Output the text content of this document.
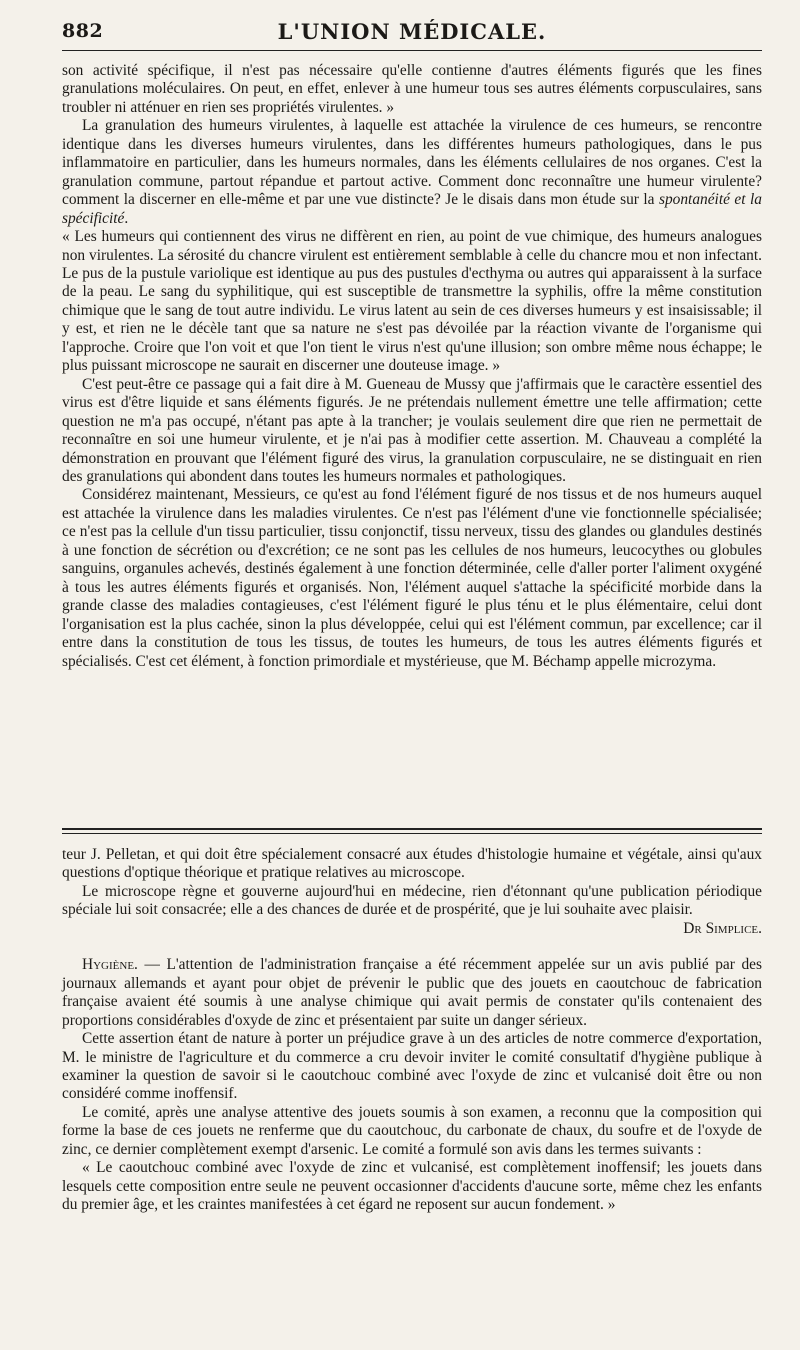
882	L'UNION MÉDICALE.

son activité spécifique, il n'est pas nécessaire qu'elle contienne d'autres éléments figurés que les fines granulations moléculaires. On peut, en effet, enlever à une humeur tous ses autres éléments corpusculaires, sans troubler ni atténuer en rien ses propriétés virulentes. »

La granulation des humeurs virulentes, à laquelle est attachée la virulence de ces humeurs, se rencontre identique dans les diverses humeurs virulentes, dans les différentes humeurs pathologiques, dans le pus inflammatoire en particulier, dans les humeurs normales, dans les éléments cellulaires de nos organes. C'est la granulation commune, partout répandue et partout active. Comment donc reconnaître une humeur virulente? comment la discerner en elle-même et par une vue distincte? Je le disais dans mon étude sur la spontanéité et la spécificité.

« Les humeurs qui contiennent des virus ne diffèrent en rien, au point de vue chimique, des humeurs analogues non virulentes. La sérosité du chancre virulent est entièrement semblable à celle du chancre mou et non infectant. Le pus de la pustule variolique est identique au pus des pustules d'ecthyma ou autres qui apparaissent à la surface de la peau. Le sang du syphilitique, qui est susceptible de transmettre la syphilis, offre la même constitution chimique que le sang de tout autre individu. Le virus latent au sein de ces diverses humeurs y est insaisissable; il y est, et rien ne le décèle tant que sa nature ne s'est pas dévoilée par la réaction vivante de l'organisme qui l'approche. Croire que l'on voit et que l'on tient le virus n'est qu'une illusion; son ombre même nous échappe; le plus puissant microscope ne saurait en discerner une douteuse image. »

C'est peut-être ce passage qui a fait dire à M. Gueneau de Mussy que j'affirmais que le caractère essentiel des virus est d'être liquide et sans éléments figurés. Je ne prétendais nullement émettre une telle affirmation; cette question ne m'a pas occupé, n'étant pas apte à la trancher; je voulais seulement dire que rien ne permettait de reconnaître en soi une humeur virulente, et je n'ai pas à modifier cette assertion. M. Chauveau a complété la démonstration en prouvant que l'élément figuré des virus, la granulation corpusculaire, ne se distinguait en rien des granulations qui abondent dans toutes les humeurs normales et pathologiques.

Considérez maintenant, Messieurs, ce qu'est au fond l'élément figuré de nos tissus et de nos humeurs auquel est attachée la virulence dans les maladies virulentes. Ce n'est pas l'élément d'une vie fonctionnelle spécialisée; ce n'est pas la cellule d'un tissu particulier, tissu conjonctif, tissu nerveux, tissu des glandes ou glandules destinés à une fonction de sécrétion ou d'excrétion; ce ne sont pas les cellules de nos humeurs, leucocythes ou globules sanguins, organules achevés, destinés également à une fonction déterminée, celle d'aller porter l'aliment oxygéné à tous les autres éléments figurés et organisés. Non, l'élément auquel s'attache la spécificité morbide dans la grande classe des maladies contagieuses, c'est l'élément figuré le plus ténu et le plus élémentaire, celui dont l'organisation est la plus cachée, sinon la plus développée, celui qui est l'élément commun, par excellence; car il entre dans la constitution de tous les tissus, de toutes les humeurs, de tous les autres éléments figurés et spécialisés. C'est cet élément, à fonction primordiale et mystérieuse, que M. Béchamp appelle microzyma.

teur J. Pelletan, et qui doit être spécialement consacré aux études d'histologie humaine et végétale, ainsi qu'aux questions d'optique théorique et pratique relatives au microscope.

Le microscope règne et gouverne aujourd'hui en médecine, rien d'étonnant qu'une publication périodique spéciale lui soit consacrée; elle a des chances de durée et de prospérité, que je lui souhaite avec plaisir.
Dr Simplice.

Hygiène. — L'attention de l'administration française a été récemment appelée sur un avis publié par des journaux allemands et ayant pour objet de prévenir le public que des jouets en caoutchouc de fabrication française avaient été soumis à une analyse chimique qui avait permis de constater qu'ils contenaient des proportions considérables d'oxyde de zinc et présentaient par suite un danger sérieux.

Cette assertion étant de nature à porter un préjudice grave à un des articles de notre commerce d'exportation, M. le ministre de l'agriculture et du commerce a cru devoir inviter le comité consultatif d'hygiène publique à examiner la question de savoir si le caoutchouc combiné avec l'oxyde de zinc et vulcanisé doit être ou non considéré comme inoffensif.

Le comité, après une analyse attentive des jouets soumis à son examen, a reconnu que la composition qui forme la base de ces jouets ne renferme que du caoutchouc, du carbonate de chaux, du soufre et de l'oxyde de zinc, ce dernier complètement exempt d'arsenic. Le comité a formulé son avis dans les termes suivants :

« Le caoutchouc combiné avec l'oxyde de zinc et vulcanisé, est complètement inoffensif; les jouets dans lesquels cette composition entre seule ne peuvent occasionner d'accidents d'aucune sorte, même chez les enfants du premier âge, et les craintes manifestées à cet égard ne reposent sur aucun fondement. »
